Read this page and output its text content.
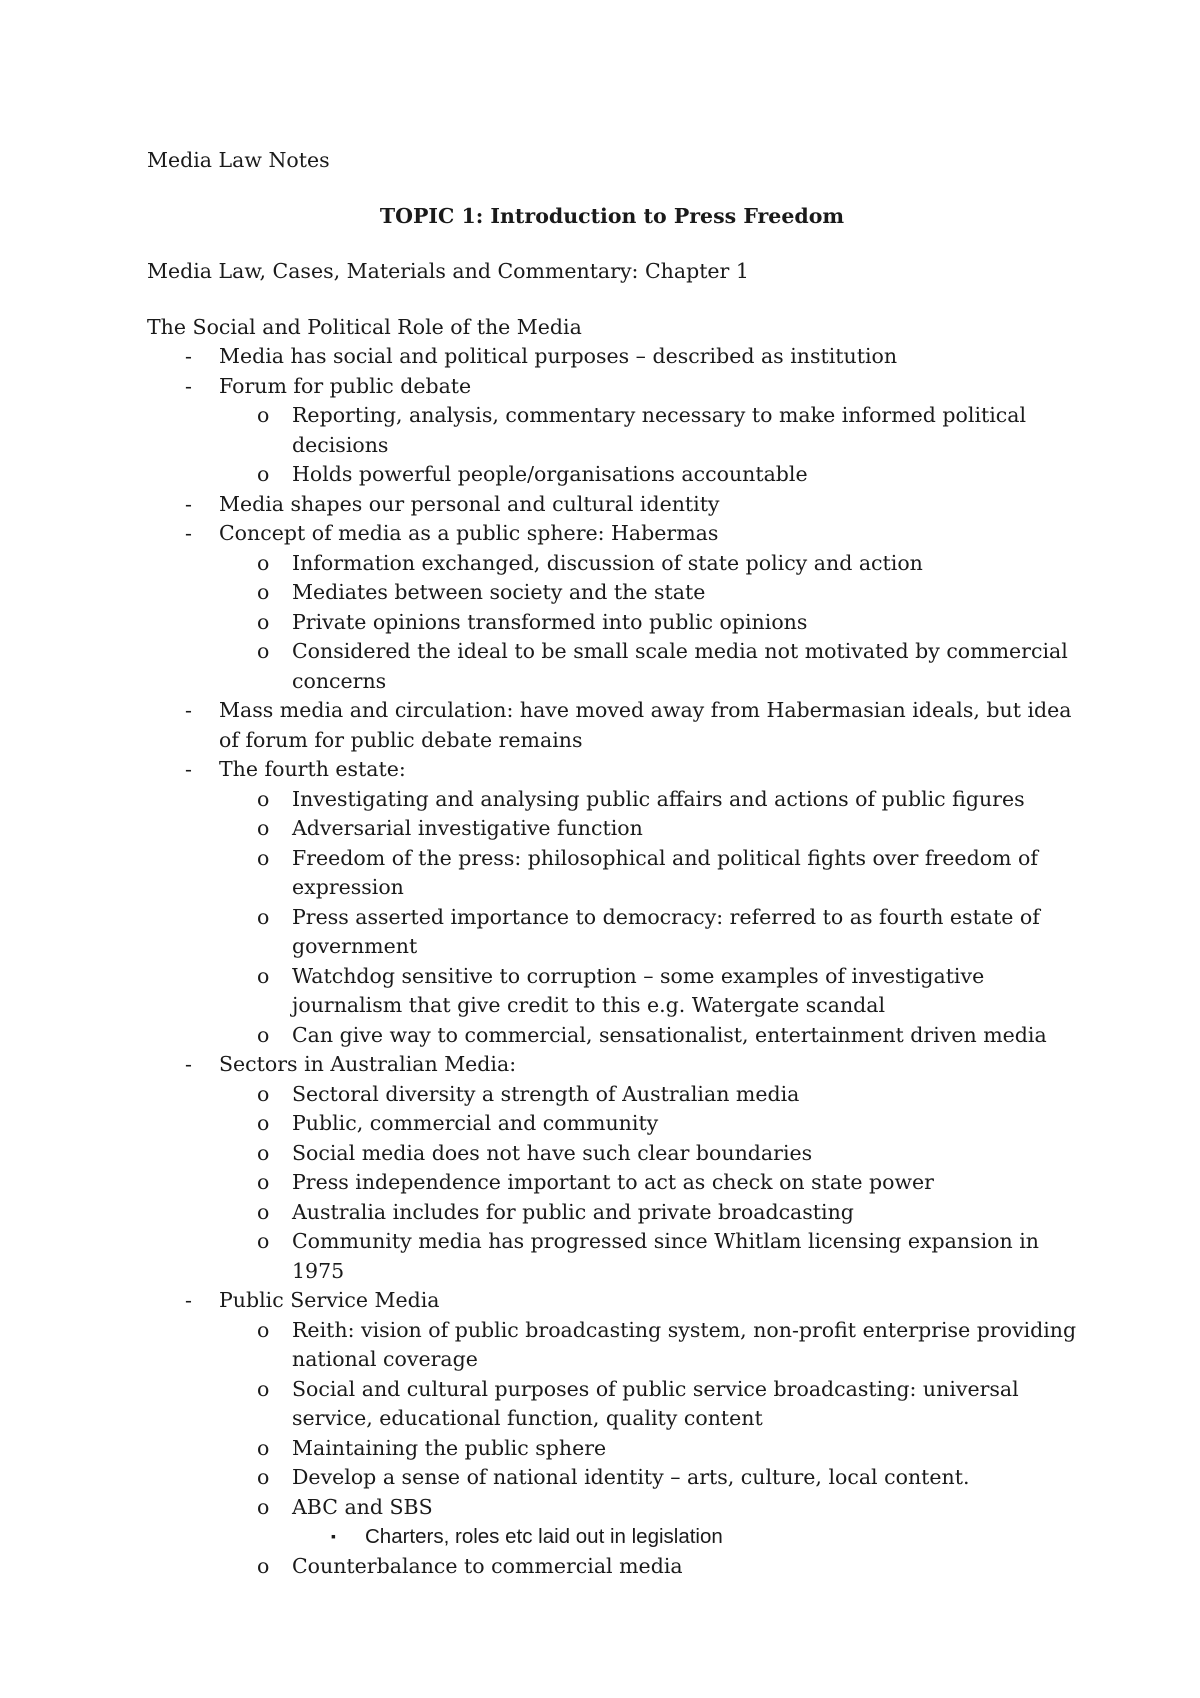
Media Law Notes

TOPIC 1: Introduction to Press Freedom

Media Law, Cases, Materials and Commentary: Chapter 1

The Social and Political Role of the Media

- Media has social and political purposes – described as institution
- Forum for public debate
o Reporting, analysis, commentary necessary to make informed political decisions
o Holds powerful people/organisations accountable
- Media shapes our personal and cultural identity
- Concept of media as a public sphere: Habermas
o Information exchanged, discussion of state policy and action
o Mediates between society and the state
o Private opinions transformed into public opinions
o Considered the ideal to be small scale media not motivated by commercial concerns
- Mass media and circulation: have moved away from Habermasian ideals, but idea of forum for public debate remains
- The fourth estate:
o Investigating and analysing public affairs and actions of public figures
o Adversarial investigative function
o Freedom of the press: philosophical and political fights over freedom of expression
o Press asserted importance to democracy: referred to as fourth estate of government
o Watchdog sensitive to corruption – some examples of investigative journalism that give credit to this e.g. Watergate scandal
o Can give way to commercial, sensationalist, entertainment driven media
- Sectors in Australian Media:
o Sectoral diversity a strength of Australian media
o Public, commercial and community
o Social media does not have such clear boundaries
o Press independence important to act as check on state power
o Australia includes for public and private broadcasting
o Community media has progressed since Whitlam licensing expansion in 1975
- Public Service Media
o Reith: vision of public broadcasting system, non-profit enterprise providing national coverage
o Social and cultural purposes of public service broadcasting: universal service, educational function, quality content
o Maintaining the public sphere
o Develop a sense of national identity – arts, culture, local content.
o ABC and SBS
▪ Charters, roles etc laid out in legislation
o Counterbalance to commercial media
